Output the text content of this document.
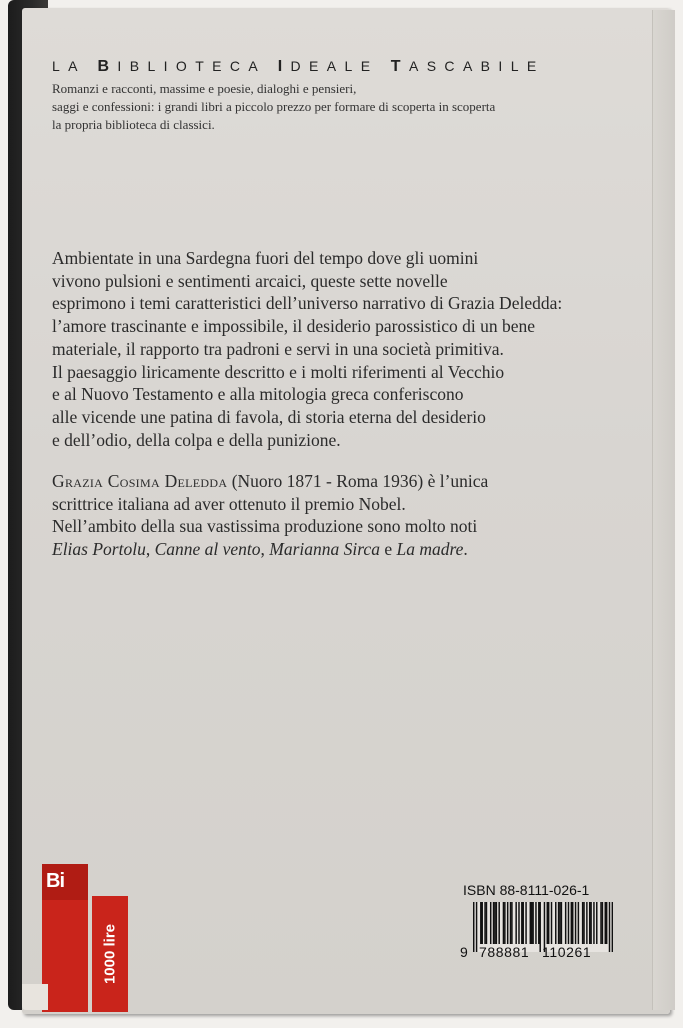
LA BIBLIOTECA IDEALE TASCABILE
Romanzi e racconti, massime e poesie, dialoghi e pensieri,
saggi e confessioni: i grandi libri a piccolo prezzo per formare di scoperta in scoperta
la propria biblioteca di classici.
Ambientate in una Sardegna fuori del tempo dove gli uomini
vivono pulsioni e sentimenti arcaici, queste sette novelle
esprimono i temi caratteristici dell’universo narrativo di Grazia Deledda:
l’amore trascinante e impossibile, il desiderio parossistico di un bene
materiale, il rapporto tra padroni e servi in una società primitiva.
Il paesaggio liricamente descritto e i molti riferimenti al Vecchio
e al Nuovo Testamento e alla mitologia greca conferiscono
alle vicende une patina di favola, di storia eterna del desiderio
e dell’odio, della colpa e della punizione.
Grazia Cosima Deledda (Nuoro 1871 - Roma 1936) è l’unica
scrittrice italiana ad aver ottenuto il premio Nobel.
Nell’ambito della sua vastissima produzione sono molto noti
Elias Portolu, Canne al vento, Marianna Sirca e La madre.
Bi
1000 lire
ISBN 88-8111-026-1
9 788881 110261
